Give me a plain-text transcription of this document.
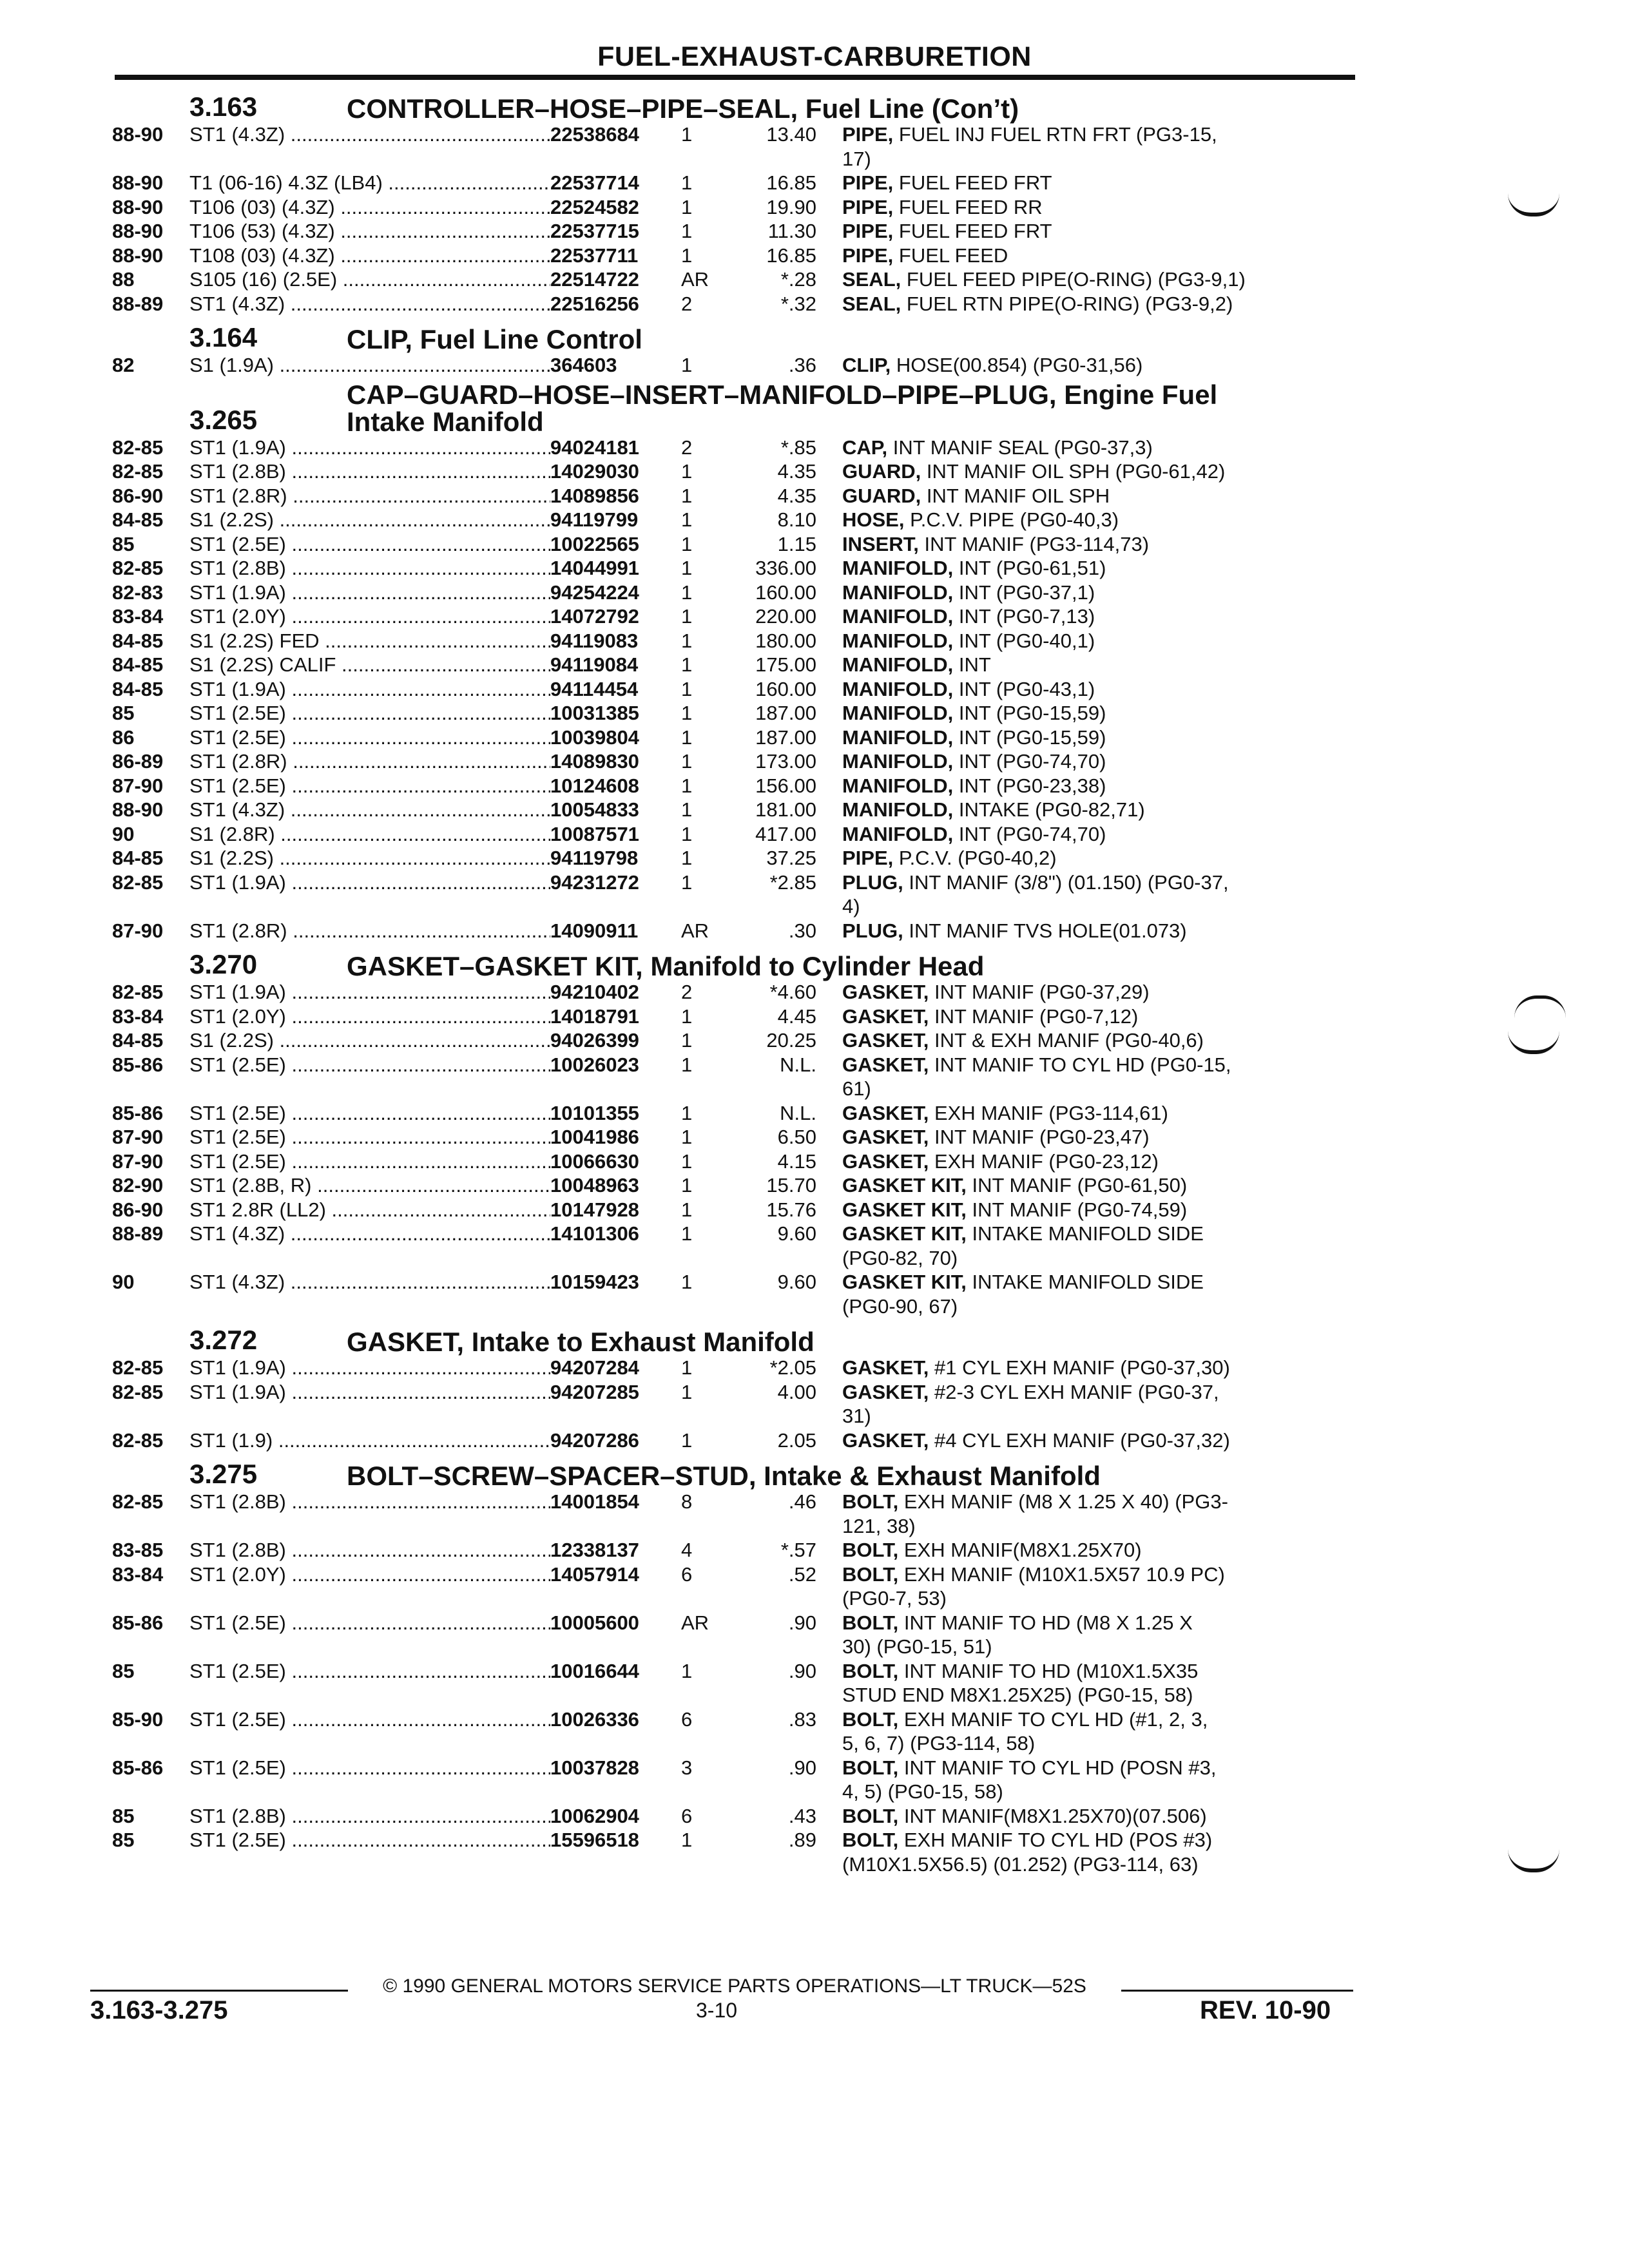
FUEL-EXHAUST-CARBURETION
3.163	CONTROLLER–HOSE–PIPE–SEAL, Fuel Line (Con’t)
88-90	ST1 (4.3Z) .....	22538684	1	13.40	PIPE, FUEL INJ FUEL RTN FRT (PG3-15,
17)
88-90	T1 (06-16) 4.3Z (LB4) .....	22537714	1	16.85	PIPE, FUEL FEED FRT
88-90	T106 (03) (4.3Z) .....	22524582	1	19.90	PIPE, FUEL FEED RR
88-90	T106 (53) (4.3Z) .....	22537715	1	11.30	PIPE, FUEL FEED FRT
88-90	T108 (03) (4.3Z) .....	22537711	1	16.85	PIPE, FUEL FEED
88	S105 (16) (2.5E) .....	22514722	AR	*.28	SEAL, FUEL FEED PIPE(O-RING) (PG3-9,1)
88-89	ST1 (4.3Z) .....	22516256	2	*.32	SEAL, FUEL RTN PIPE(O-RING) (PG3-9,2)
3.164	CLIP, Fuel Line Control
82	S1 (1.9A) .....	364603	1	.36	CLIP, HOSE(00.854) (PG0-31,56)
3.265
CAP–GUARD–HOSE–INSERT–MANIFOLD–PIPE–PLUG, Engine Fuel
Intake Manifold
82-85	ST1 (1.9A) .....	94024181	2	*.85	CAP, INT MANIF SEAL (PG0-37,3)
82-85	ST1 (2.8B) .....	14029030	1	4.35	GUARD, INT MANIF OIL SPH (PG0-61,42)
86-90	ST1 (2.8R) .....	14089856	1	4.35	GUARD, INT MANIF OIL SPH
84-85	S1 (2.2S) .....	94119799	1	8.10	HOSE, P.C.V. PIPE (PG0-40,3)
85	ST1 (2.5E) .....	10022565	1	1.15	INSERT, INT MANIF (PG3-114,73)
82-85	ST1 (2.8B) .....	14044991	1	336.00	MANIFOLD, INT (PG0-61,51)
82-83	ST1 (1.9A) .....	94254224	1	160.00	MANIFOLD, INT (PG0-37,1)
83-84	ST1 (2.0Y) .....	14072792	1	220.00	MANIFOLD, INT (PG0-7,13)
84-85	S1 (2.2S) FED .....	94119083	1	180.00	MANIFOLD, INT (PG0-40,1)
84-85	S1 (2.2S) CALIF .....	94119084	1	175.00	MANIFOLD, INT
84-85	ST1 (1.9A) .....	94114454	1	160.00	MANIFOLD, INT (PG0-43,1)
85	ST1 (2.5E) .....	10031385	1	187.00	MANIFOLD, INT (PG0-15,59)
86	ST1 (2.5E) .....	10039804	1	187.00	MANIFOLD, INT (PG0-15,59)
86-89	ST1 (2.8R) .....	14089830	1	173.00	MANIFOLD, INT (PG0-74,70)
87-90	ST1 (2.5E) .....	10124608	1	156.00	MANIFOLD, INT (PG0-23,38)
88-90	ST1 (4.3Z) .....	10054833	1	181.00	MANIFOLD, INTAKE (PG0-82,71)
90	S1 (2.8R) .....	10087571	1	417.00	MANIFOLD, INT (PG0-74,70)
84-85	S1 (2.2S) .....	94119798	1	37.25	PIPE, P.C.V. (PG0-40,2)
82-85	ST1 (1.9A) .....	94231272	1	*2.85	PLUG, INT MANIF (3/8") (01.150) (PG0-37,
4)
87-90	ST1 (2.8R) .....	14090911	AR	.30	PLUG, INT MANIF TVS HOLE(01.073)
3.270	GASKET–GASKET KIT, Manifold to Cylinder Head
82-85	ST1 (1.9A) .....	94210402	2	*4.60	GASKET, INT MANIF (PG0-37,29)
83-84	ST1 (2.0Y) .....	14018791	1	4.45	GASKET, INT MANIF (PG0-7,12)
84-85	S1 (2.2S) .....	94026399	1	20.25	GASKET, INT & EXH MANIF (PG0-40,6)
85-86	ST1 (2.5E) .....	10026023	1	N.L.	GASKET, INT MANIF TO CYL HD (PG0-15,
61)
85-86	ST1 (2.5E) .....	10101355	1	N.L.	GASKET, EXH MANIF (PG3-114,61)
87-90	ST1 (2.5E) .....	10041986	1	6.50	GASKET, INT MANIF (PG0-23,47)
87-90	ST1 (2.5E) .....	10066630	1	4.15	GASKET, EXH MANIF (PG0-23,12)
82-90	ST1 (2.8B, R) .....	10048963	1	15.70	GASKET KIT, INT MANIF (PG0-61,50)
86-90	ST1 2.8R (LL2) .....	10147928	1	15.76	GASKET KIT, INT MANIF (PG0-74,59)
88-89	ST1 (4.3Z) .....	14101306	1	9.60	GASKET KIT, INTAKE MANIFOLD SIDE
(PG0-82, 70)
90	ST1 (4.3Z) .....	10159423	1	9.60	GASKET KIT, INTAKE MANIFOLD SIDE
(PG0-90, 67)
3.272	GASKET, Intake to Exhaust Manifold
82-85	ST1 (1.9A) .....	94207284	1	*2.05	GASKET, #1 CYL EXH MANIF (PG0-37,30)
82-85	ST1 (1.9A) .....	94207285	1	4.00	GASKET, #2-3 CYL EXH MANIF (PG0-37,
31)
82-85	ST1 (1.9) .....	94207286	1	2.05	GASKET, #4 CYL EXH MANIF (PG0-37,32)
3.275	BOLT–SCREW–SPACER–STUD, Intake & Exhaust Manifold
82-85	ST1 (2.8B) .....	14001854	8	.46	BOLT, EXH MANIF (M8 X 1.25 X 40) (PG3-
121, 38)
83-85	ST1 (2.8B) .....	12338137	4	*.57	BOLT, EXH MANIF(M8X1.25X70)
83-84	ST1 (2.0Y) .....	14057914	6	.52	BOLT, EXH MANIF (M10X1.5X57 10.9 PC)
(PG0-7, 53)
85-86	ST1 (2.5E) .....	10005600	AR	.90	BOLT, INT MANIF TO HD (M8 X 1.25 X
30) (PG0-15, 51)
85	ST1 (2.5E) .....	10016644	1	.90	BOLT, INT MANIF TO HD (M10X1.5X35
STUD END M8X1.25X25) (PG0-15, 58)
85-90	ST1 (2.5E) .....	10026336	6	.83	BOLT, EXH MANIF TO CYL HD (#1, 2, 3,
5, 6, 7) (PG3-114, 58)
85-86	ST1 (2.5E) .....	10037828	3	.90	BOLT, INT MANIF TO CYL HD (POSN #3,
4, 5) (PG0-15, 58)
85	ST1 (2.8B) .....	10062904	6	.43	BOLT, INT MANIF(M8X1.25X70)(07.506)
85	ST1 (2.5E) .....	15596518	1	.89	BOLT, EXH MANIF TO CYL HD (POS #3)
(M10X1.5X56.5) (01.252) (PG3-114, 63)
© 1990 GENERAL MOTORS SERVICE PARTS OPERATIONS—LT TRUCK—52S
3.163-3.275	3-10	REV. 10-90
